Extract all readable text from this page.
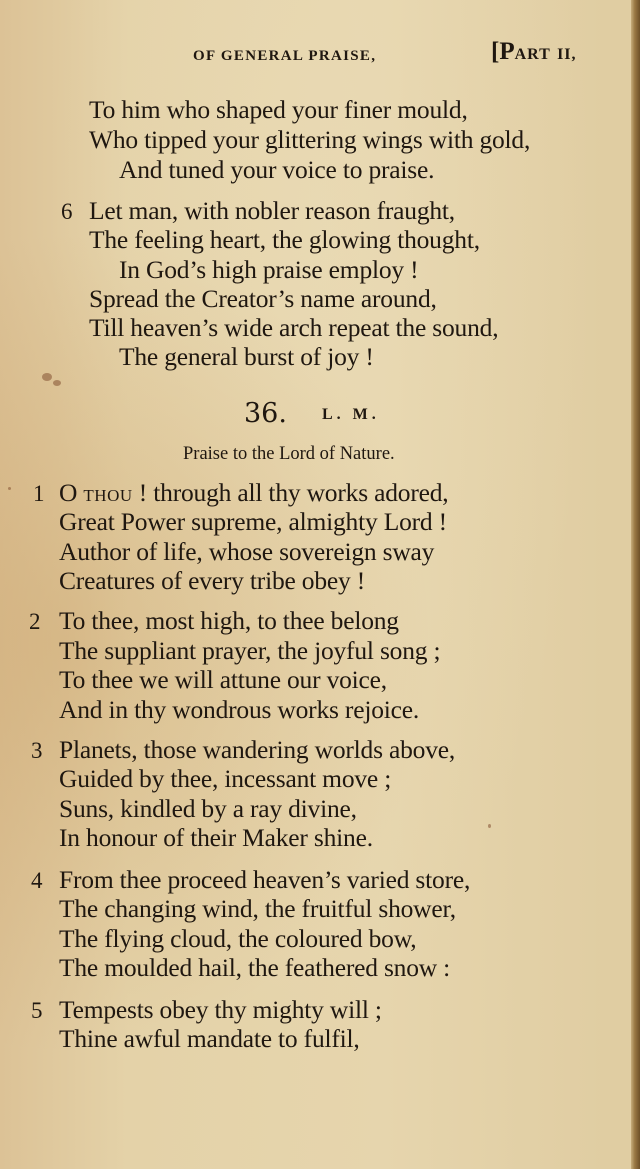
OF GENERAL PRAISE,	[PART II,
To him who shaped your finer mould,
Who tipped your glittering wings with gold,
And tuned your voice to praise.
6 Let man, with nobler reason fraught,
The feeling heart, the glowing thought,
In God’s high praise employ !
Spread the Creator’s name around,
Till heaven’s wide arch repeat the sound,
The general burst of joy !
36. L. M.
Praise to the Lord of Nature.
1 O THOU ! through all thy works adored,
Great Power supreme, almighty Lord !
Author of life, whose sovereign sway
Creatures of every tribe obey !
2 To thee, most high, to thee belong
The suppliant prayer, the joyful song ;
To thee we will attune our voice,
And in thy wondrous works rejoice.
3 Planets, those wandering worlds above,
Guided by thee, incessant move ;
Suns, kindled by a ray divine,
In honour of their Maker shine.
4 From thee proceed heaven’s varied store,
The changing wind, the fruitful shower,
The flying cloud, the coloured bow,
The moulded hail, the feathered snow :
5 Tempests obey thy mighty will ;
Thine awful mandate to fulfil,
